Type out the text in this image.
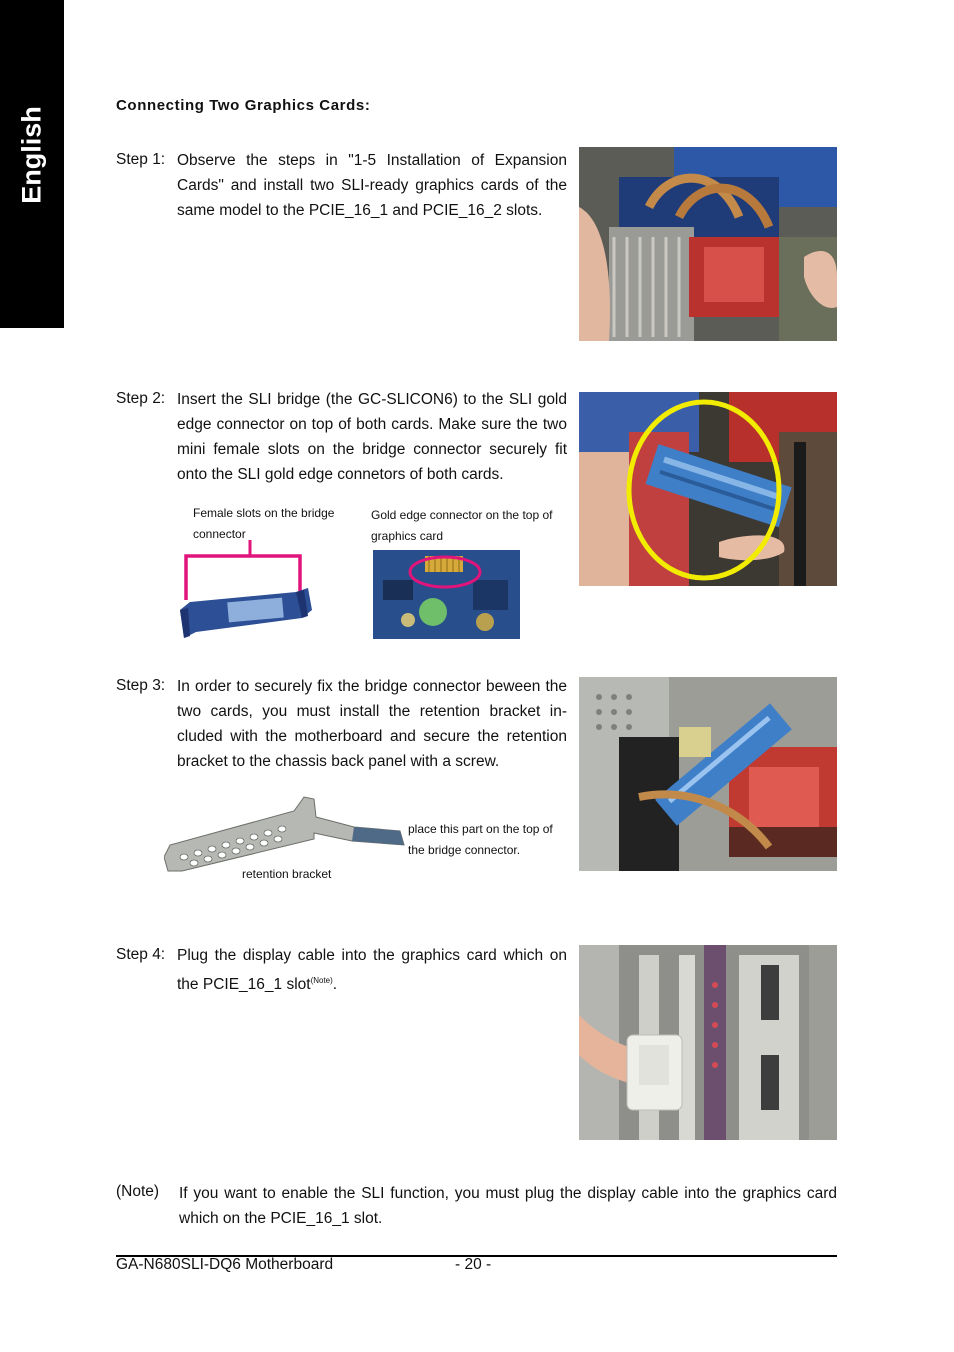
English
Connecting Two Graphics Cards:
Step 1: Observe the steps in "1-5 Installation of Expansion Cards" and install two SLI-ready graphics cards of the same model to the PCIE_16_1 and PCIE_16_2 slots.
Step 2: Insert the SLI bridge (the GC-SLICON6) to the SLI gold edge connector on top of both cards. Make sure the two mini female slots on the bridge connector securely fit onto the SLI gold edge connetors of both cards.
Female slots on the bridge connector
Gold edge connector on the top of graphics card
Step 3: In order to securely fix the bridge connector beween the two cards, you must install the retention bracket in-cluded with the motherboard and secure the retention bracket to the chassis back panel with a screw.
place this part on the top of the bridge connector.
retention bracket
Step 4: Plug the display cable into the graphics card which on the PCIE_16_1 slot$^{(Note)}$.
(Note) If you want to enable the SLI function, you must plug the display cable into the graphics card which on the PCIE_16_1 slot.
GA-N680SLI-DQ6 Motherboard	- 20 -
